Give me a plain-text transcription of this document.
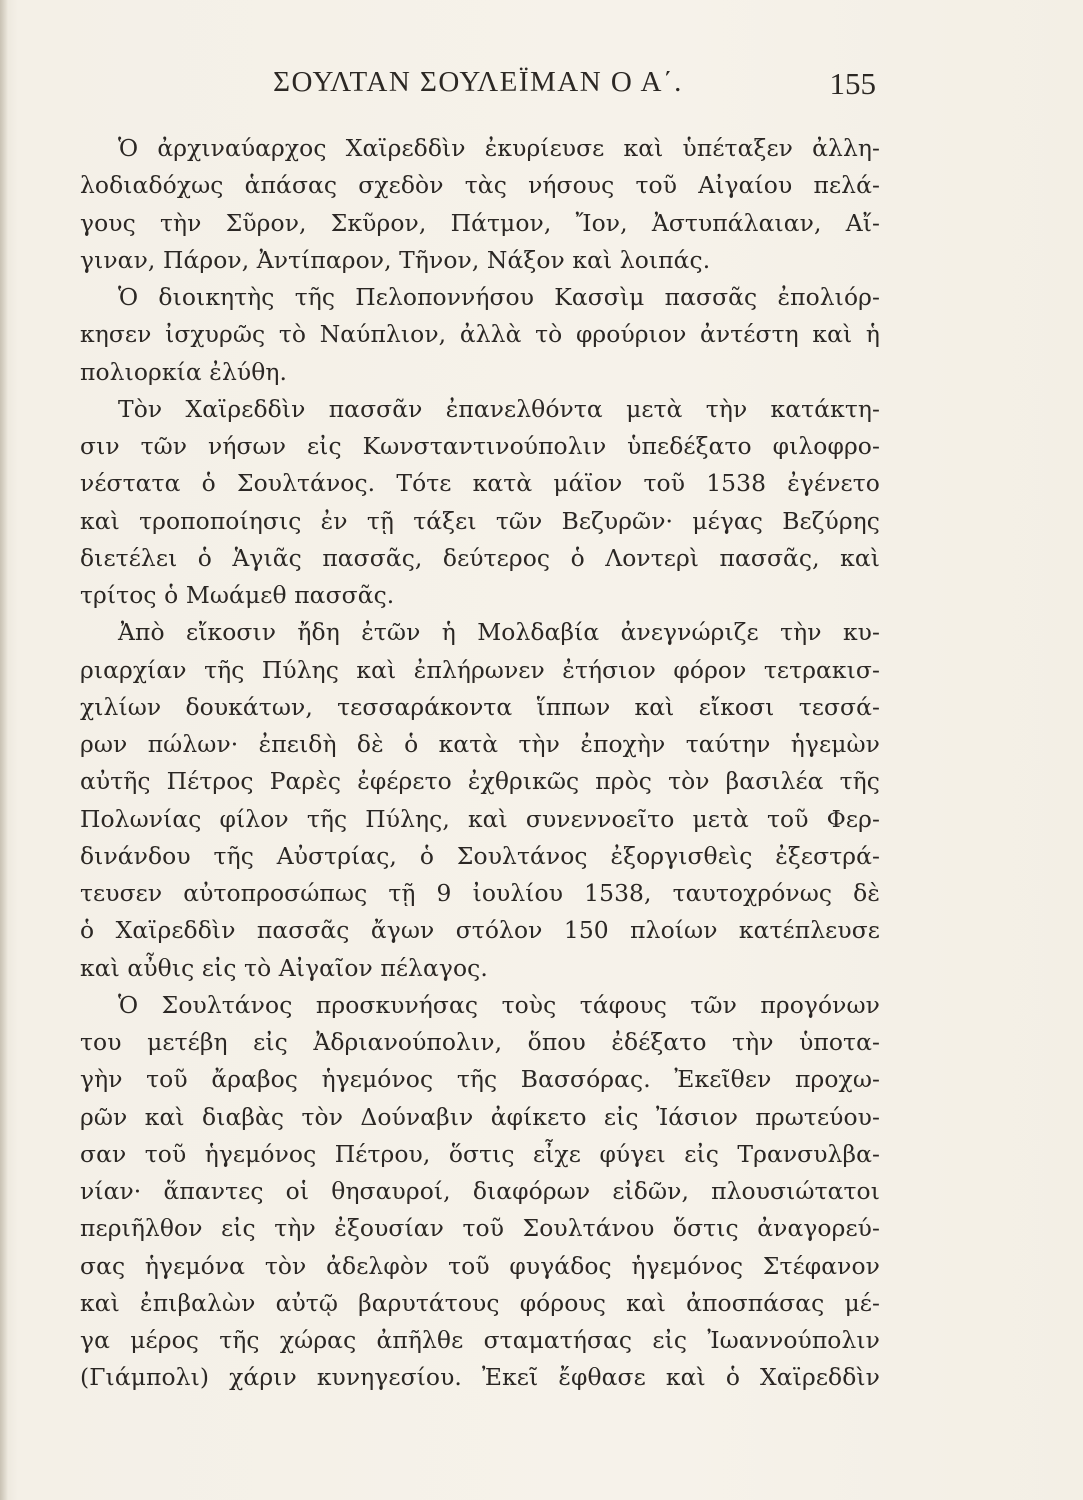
ΣΟΥΛΤΑΝ ΣΟΥΛΕΪΜΑΝ Ο Α΄.	155
Ὁ ἀρχιναύαρχος Χαϊρεδδὶν ἐκυρίευσε καὶ ὑπέταξεν ἀλλη-
λοδιαδόχως ἁπάσας σχεδὸν τὰς νήσους τοῦ Αἰγαίου πελά-
γους τὴν Σῦρον, Σκῦρον, Πάτμον, Ἴον, Ἀστυπάλαιαν, Αἴ-
γιναν, Πάρον, Ἀντίπαρον, Τῆνον, Νάξον καὶ λοιπάς.
Ὁ διοικητὴς τῆς Πελοποννήσου Κασσὶμ πασσᾶς ἐπολιόρ-
κησεν ἰσχυρῶς τὸ Ναύπλιον, ἀλλὰ τὸ φρούριον ἀντέστη καὶ ἡ
πολιορκία ἐλύθη.
Τὸν Χαϊρεδδὶν πασσᾶν ἐπανελθόντα μετὰ τὴν κατάκτη-
σιν τῶν νήσων εἰς Κωνσταντινούπολιν ὑπεδέξατο φιλοφρο-
νέστατα ὁ Σουλτάνος. Τότε κατὰ μάϊον τοῦ 1538 ἐγένετο
καὶ τροποποίησις ἐν τῇ τάξει τῶν Βεζυρῶν· μέγας Βεζύρης
διετέλει ὁ Ἁγιᾶς πασσᾶς, δεύτερος ὁ Λοντερὶ πασσᾶς, καὶ
τρίτος ὁ Μωάμεθ πασσᾶς.
Ἀπὸ εἴκοσιν ἤδη ἐτῶν ἡ Μολδαβία ἀνεγνώριζε τὴν κυ-
ριαρχίαν τῆς Πύλης καὶ ἐπλήρωνεν ἐτήσιον φόρον τετρακισ-
χιλίων δουκάτων, τεσσαράκοντα ἵππων καὶ εἴκοσι τεσσά-
ρων πώλων· ἐπειδὴ δὲ ὁ κατὰ τὴν ἐποχὴν ταύτην ἡγεμὼν
αὐτῆς Πέτρος Ραρὲς ἐφέρετο ἐχθρικῶς πρὸς τὸν βασιλέα τῆς
Πολωνίας φίλον τῆς Πύλης, καὶ συνεννοεῖτο μετὰ τοῦ Φερ-
δινάνδου τῆς Αὐστρίας, ὁ Σουλτάνος ἐξοργισθεὶς ἐξεστρά-
τευσεν αὐτοπροσώπως τῇ 9 ἰουλίου 1538, ταυτοχρόνως δὲ
ὁ Χαϊρεδδὶν πασσᾶς ἄγων στόλον 150 πλοίων κατέπλευσε
καὶ αὖθις εἰς τὸ Αἰγαῖον πέλαγος.
Ὁ Σουλτάνος προσκυνήσας τοὺς τάφους τῶν προγόνων
του μετέβη εἰς Ἀδριανούπολιν, ὅπου ἐδέξατο τὴν ὑποτα-
γὴν τοῦ ἄραβος ἡγεμόνος τῆς Βασσόρας. Ἐκεῖθεν προχω-
ρῶν καὶ διαβὰς τὸν Δούναβιν ἀφίκετο εἰς Ἰάσιον πρωτεύου-
σαν τοῦ ἡγεμόνος Πέτρου, ὅστις εἶχε φύγει εἰς Τρανσυλβα-
νίαν· ἅπαντες οἱ θησαυροί, διαφόρων εἰδῶν, πλουσιώτατοι
περιῆλθον εἰς τὴν ἐξουσίαν τοῦ Σουλτάνου ὅστις ἀναγορεύ-
σας ἡγεμόνα τὸν ἀδελφὸν τοῦ φυγάδος ἡγεμόνος Στέφανον
καὶ ἐπιβαλὼν αὐτῷ βαρυτάτους φόρους καὶ ἀποσπάσας μέ-
γα μέρος τῆς χώρας ἀπῆλθε σταματήσας εἰς Ἰωαννούπολιν
(Γιάμπολι) χάριν κυνηγεσίου. Ἐκεῖ ἔφθασε καὶ ὁ Χαϊρεδδὶν
